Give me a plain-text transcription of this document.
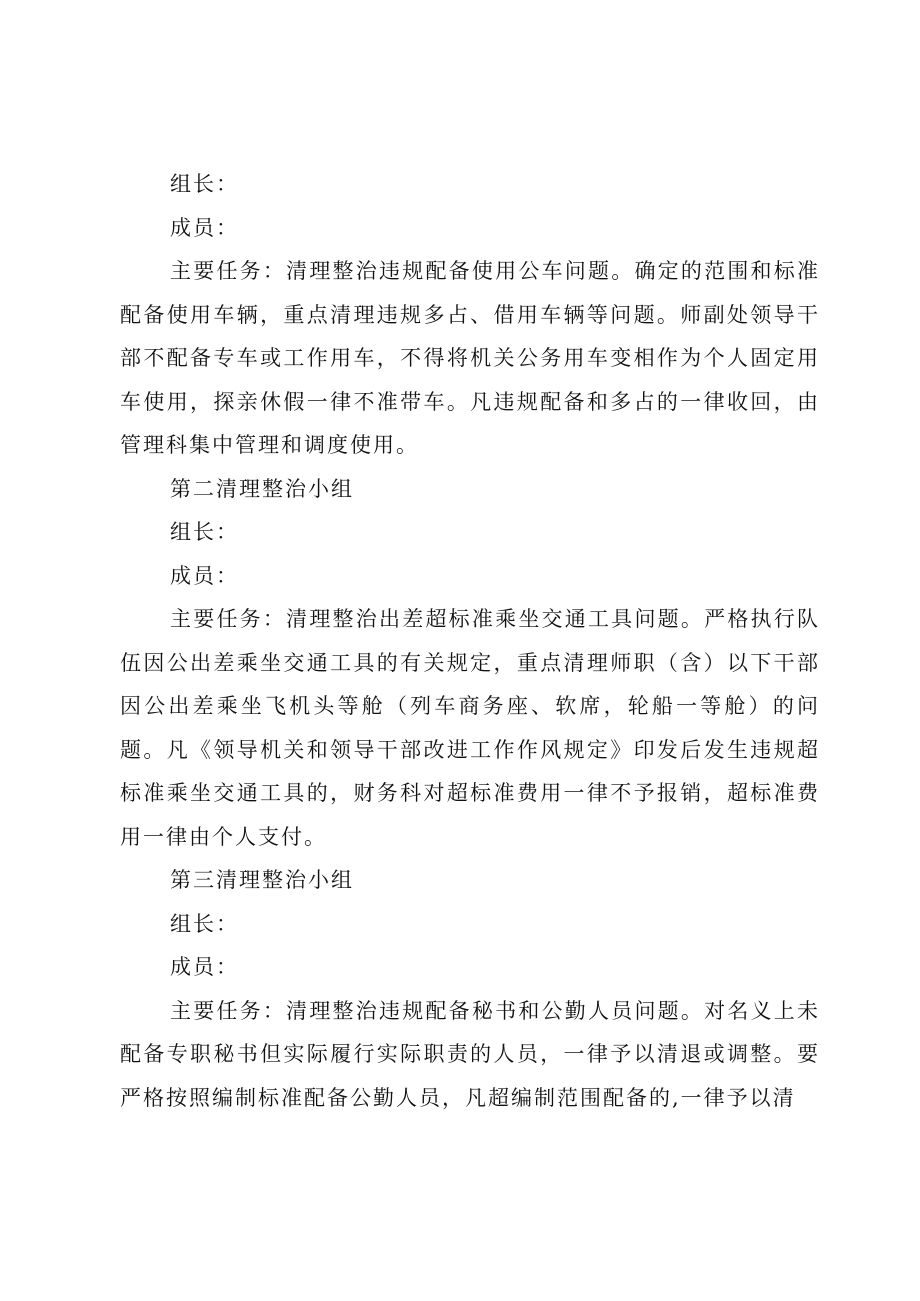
组长：

成员：

主要任务：清理整治违规配备使用公车问题。确定的范围和标准配备使用车辆，重点清理违规多占、借用车辆等问题。师副处领导干部不配备专车或工作用车，不得将机关公务用车变相作为个人固定用车使用，探亲休假一律不准带车。凡违规配备和多占的一律收回，由管理科集中管理和调度使用。

第二清理整治小组

组长：

成员：

主要任务：清理整治出差超标准乘坐交通工具问题。严格执行队伍因公出差乘坐交通工具的有关规定，重点清理师职（含）以下干部因公出差乘坐飞机头等舱（列车商务座、软席，轮船一等舱）的问题。凡《领导机关和领导干部改进工作作风规定》印发后发生违规超标准乘坐交通工具的，财务科对超标准费用一律不予报销，超标准费用一律由个人支付。

第三清理整治小组

组长：

成员：

主要任务：清理整治违规配备秘书和公勤人员问题。对名义上未配备专职秘书但实际履行实际职责的人员，一律予以清退或调整。要严格按照编制标准配备公勤人员，凡超编制范围配备的,一律予以清
